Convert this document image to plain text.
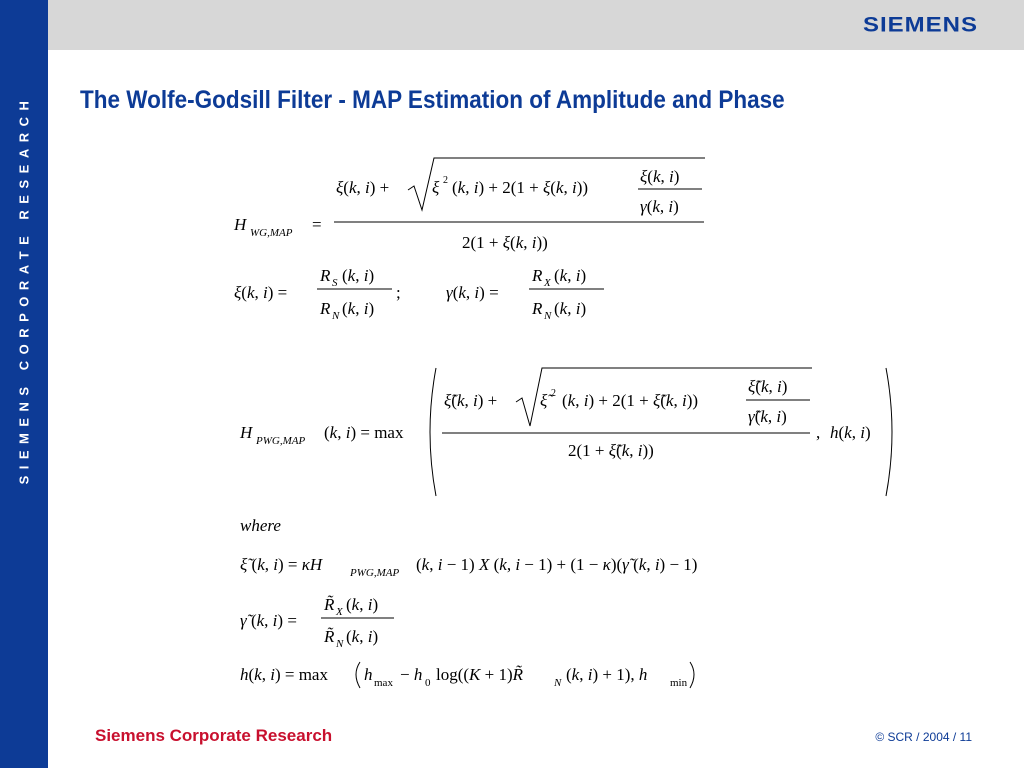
SIEMENS CORPORATE RESEARCH
SIEMENS
The Wolfe-Godsill Filter - MAP Estimation of Amplitude and Phase
H WG,MAP =
ξ(k, i) +	ξ 2 (k, i) + 2(1 + ξ(k, i))
ξ(k, i)
γ(k, i)
2(1 + ξ(k, i))
ξ(k, i) =
R S (k, i)
R N (k, i)
;	γ(k, i) =
R X (k, i)
R N (k, i)
H PWG,MAP (k, i) = max
ξ̃(k, i) +	ξ̃ 2 (k, i) + 2(1 + ξ̃(k, i))
ξ̃(k, i)
γ̃(k, i)
2(1 + ξ̃(k, i))
, h(k, i)
where
ξ̃ (k, i) = κH	PWG,MAP (k, i − 1) X (k, i − 1) + (1 − κ)(γ̃ (k, i) − 1)
γ̃ (k, i) =
R̃ X (k, i)
R̃ N (k, i)
h(k, i) = max h max − h 0 log((K + 1)R̃	N (k, i) + 1), h min
Siemens Corporate Research	© SCR / 2004 / 11
